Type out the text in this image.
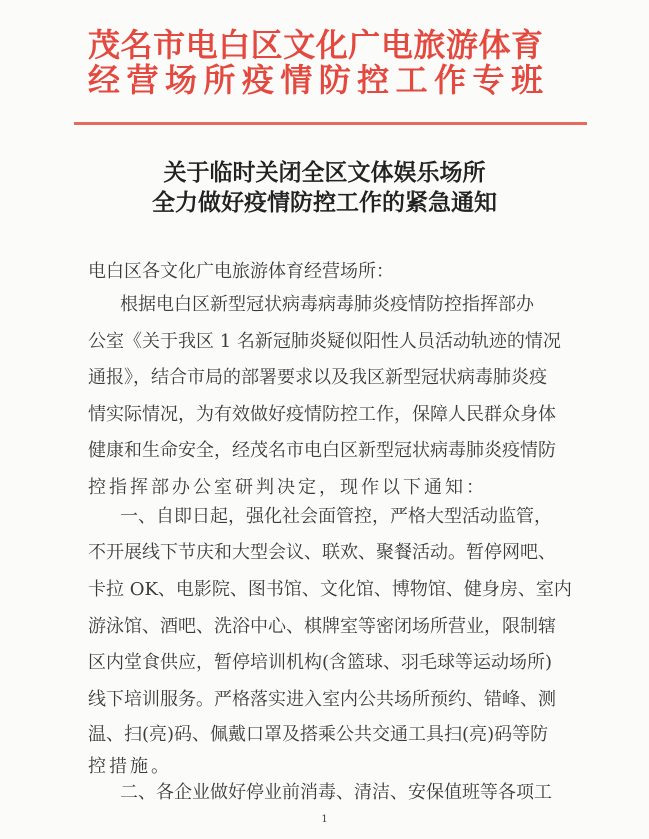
茂名市电白区文化广电旅游体育
经营场所疫情防控工作专班
关于临时关闭全区文体娱乐场所
全力做好疫情防控工作的紧急通知
电白区各文化广电旅游体育经营场所：
根据电白区新型冠状病毒病毒肺炎疫情防控指挥部办
公室《关于我区 1 名新冠肺炎疑似阳性人员活动轨迹的情况
通报》，结合市局的部署要求以及我区新型冠状病毒肺炎疫
情实际情况，为有效做好疫情防控工作，保障人民群众身体
健康和生命安全，经茂名市电白区新型冠状病毒肺炎疫情防
控指挥部办公室研判决定，现作以下通知：
一、自即日起，强化社会面管控，严格大型活动监管，
不开展线下节庆和大型会议、联欢、聚餐活动。暂停网吧、
卡拉 OK、电影院、图书馆、文化馆、博物馆、健身房、室内
游泳馆、酒吧、洗浴中心、棋牌室等密闭场所营业，限制辖
区内堂食供应，暂停培训机构(含篮球、羽毛球等运动场所)
线下培训服务。严格落实进入室内公共场所预约、错峰、测
温、扫(亮)码、佩戴口罩及搭乘公共交通工具扫(亮)码等防
控措施。
二、各企业做好停业前消毒、清洁、安保值班等各项工
1
